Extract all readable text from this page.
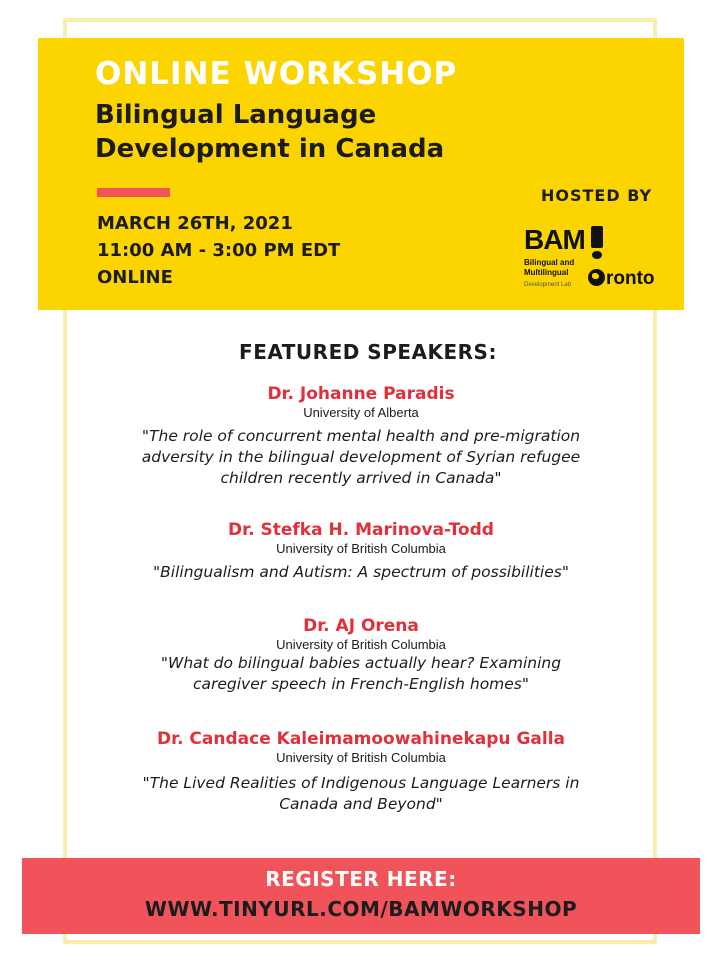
ONLINE WORKSHOP
Bilingual Language
Development in Canada
MARCH 26TH, 2021
11:00 AM - 3:00 PM EDT
ONLINE
HOSTED BY
BAM
Bilingual and
Multilingual
Development Lab	ronto
FEATURED SPEAKERS:
Dr. Johanne Paradis
University of Alberta
"The role of concurrent mental health and pre-migration adversity in the bilingual development of Syrian refugee children recently arrived in Canada"
Dr. Stefka H. Marinova-Todd
University of British Columbia
"Bilingualism and Autism: A spectrum of possibilities"
Dr. AJ Orena
University of British Columbia
"What do bilingual babies actually hear? Examining caregiver speech in French-English homes"
Dr. Candace Kaleimamoowahinekapu Galla
University of British Columbia
"The Lived Realities of Indigenous Language Learners in Canada and Beyond"
REGISTER HERE:
WWW.TINYURL.COM/BAMWORKSHOP
